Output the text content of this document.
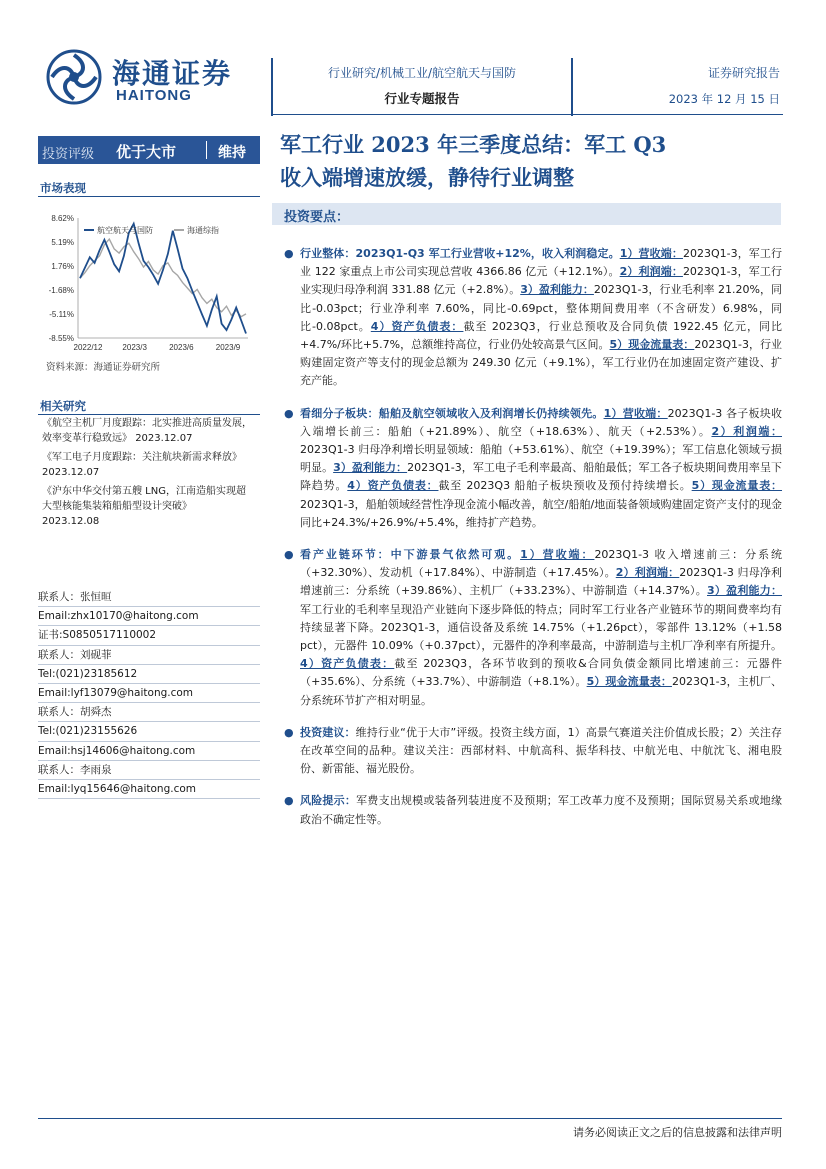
海通证券
HAITONG
行业研究/机械工业/航空航天与国防
行业专题报告
证券研究报告
2023 年 12 月 15 日
投资评级 优于大市	维持
市场表现
8.62%
5.19%
1.76%
-1.68%
-5.11%
-8.55%
2022/12 2023/3	2023/6	2023/9
航空航天与国防	海通综指
资料来源：海通证券研究所
相关研究
《航空主机厂月度跟踪：北实推进高质量发展，效率变革行稳致远》 2023.12.07
《军工电子月度跟踪：关注航块新需求释放》 2023.12.07
《沪东中华交付第五艘 LNG，江南造船实现超大型核能集装箱船船型设计突破》
2023.12.08
联系人：张恒晅
Email:zhx10170@haitong.com
证书:S0850517110002
联系人：刘砚菲
Tel:(021)23185612
Email:lyf13079@haitong.com
联系人：胡舜杰
Tel:(021)23155626
Email:hsj14606@haitong.com
联系人：李雨泉
Email:lyq15646@haitong.com
军工行业 2023 年三季度总结：军工 Q3
收入端增速放缓，静待行业调整
投资要点：
● 行业整体：2023Q1-Q3 军工行业营收+12%，收入利润稳定。1）营收端：2023Q1-3，军工行业 122 家重点上市公司实现总营收 4366.86 亿元（+12.1%）。2）利润端：2023Q1-3，军工行业实现归母净利润 331.88 亿元（+2.8%）。3）盈利能力：2023Q1-3，行业毛利率 21.20%，同比-0.03pct；行业净利率 7.60%，同比-0.69pct，整体期间费用率（不含研发）6.98%，同比-0.08pct。4）资产负债表：截至 2023Q3，行业总预收及合同负债 1922.45 亿元，同比+4.7%/环比+5.7%，总额维持高位，行业仍处较高景气区间。5）现金流量表：2023Q1-3，行业购建固定资产等支付的现金总额为 249.30 亿元（+9.1%），军工行业仍在加速固定资产建设、扩充产能。
● 看细分子板块：船舶及航空领域收入及利润增长仍持续领先。1）营收端：2023Q1-3 各子板块收入端增长前三：船舶（+21.89%）、航空（+18.63%）、航天（+2.53%）。2）利润端：2023Q1-3 归母净利增长明显领域：船舶（+53.61%）、航空（+19.39%）；军工信息化领域亏损明显。3）盈利能力：2023Q1-3，军工电子毛利率最高、船舶最低；军工各子板块期间费用率呈下降趋势。4）资产负债表：截至 2023Q3 船舶子板块预收及预付持续增长。5）现金流量表：2023Q1-3，船舶领域经营性净现金流小幅改善，航空/船舶/地面装备领域购建固定资产支付的现金同比+24.3%/+26.9%/+5.4%，维持扩产趋势。
● 看产业链环节：中下游景气依然可观。1）营收端：2023Q1-3 收入增速前三：分系统（+32.30%）、发动机（+17.84%）、中游制造（+17.45%）。2）利润端：2023Q1-3 归母净利增速前三：分系统（+39.86%）、主机厂（+33.23%）、中游制造（+14.37%）。3）盈利能力：军工行业的毛利率呈现沿产业链向下逐步降低的特点；同时军工行业各产业链环节的期间费率均有持续显著下降。2023Q1-3，通信设备及系统 14.75%（+1.26pct），零部件 13.12%（+1.58 pct），元器件 10.09%（+0.37pct），元器件的净利率最高，中游制造与主机厂净利率有所提升。4）资产负债表：截至 2023Q3，各环节收到的预收&合同负债金额同比增速前三：元器件（+35.6%）、分系统（+33.7%）、中游制造（+8.1%）。5）现金流量表：2023Q1-3，主机厂、分系统环节扩产相对明显。
● 投资建议：维持行业“优于大市”评级。投资主线方面，1）高景气赛道关注价值成长股；2）关注存在改革空间的品种。建议关注：西部材料、中航高科、振华科技、中航光电、中航沈飞、湘电股份、新雷能、福光股份。
● 风险提示：军费支出规模或装备列装进度不及预期；军工改革力度不及预期；国际贸易关系或地缘政治不确定性等。
请务必阅读正文之后的信息披露和法律声明
